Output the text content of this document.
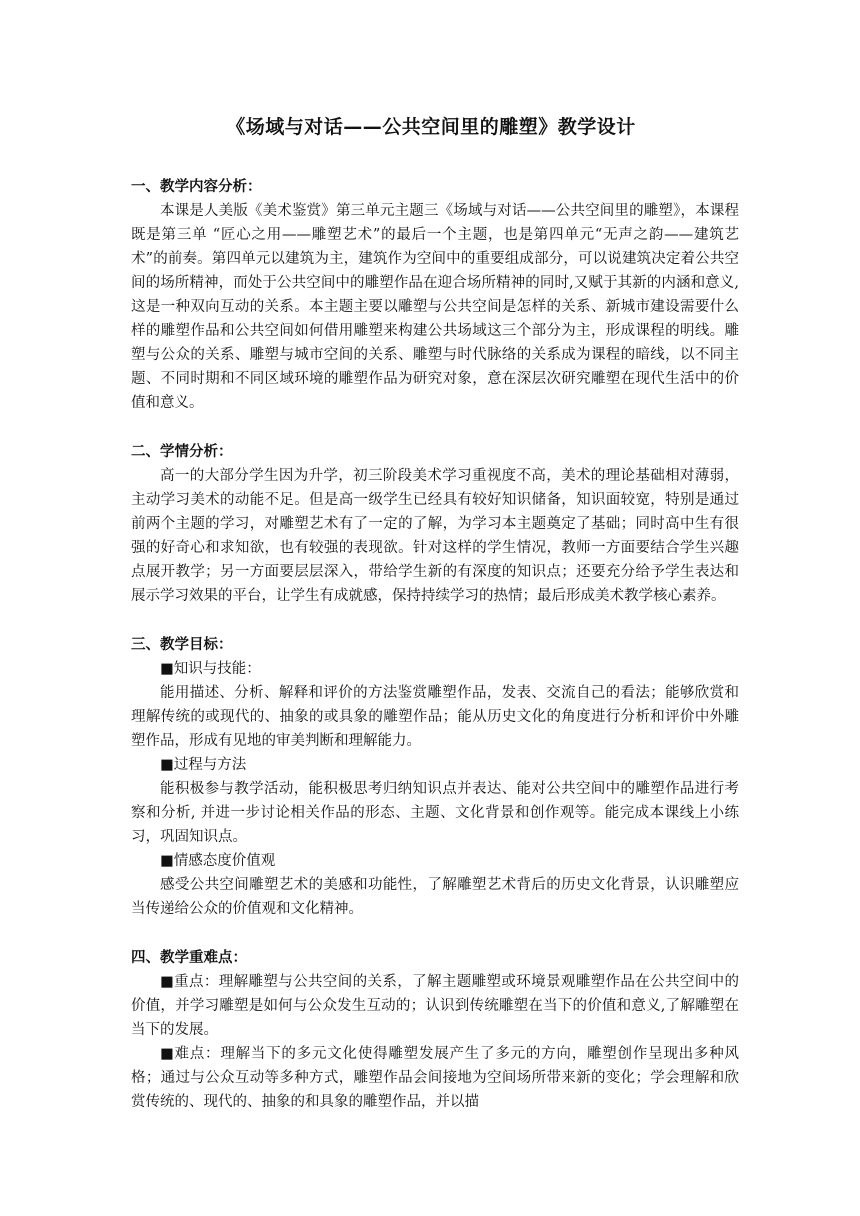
《场域与对话——公共空间里的雕塑》教学设计

一、教学内容分析：

本课是人美版《美术鉴赏》第三单元主题三《场域与对话——公共空间里的雕塑》，本课程既是第三单 “匠心之用——雕塑艺术”的最后一个主题，也是第四单元“无声之韵——建筑艺术”的前奏。第四单元以建筑为主，建筑作为空间中的重要组成部分，可以说建筑决定着公共空间的场所精神，而处于公共空间中的雕塑作品在迎合场所精神的同时,又赋于其新的内涵和意义,这是一种双向互动的关系。本主题主要以雕塑与公共空间是怎样的关系、新城市建设需要什么样的雕塑作品和公共空间如何借用雕塑来构建公共场域这三个部分为主，形成课程的明线。雕塑与公众的关系、雕塑与城市空间的关系、雕塑与时代脉络的关系成为课程的暗线，以不同主题、不同时期和不同区域环境的雕塑作品为研究对象，意在深层次研究雕塑在现代生活中的价值和意义。

二、学情分析：

高一的大部分学生因为升学，初三阶段美术学习重视度不高，美术的理论基础相对薄弱，主动学习美术的动能不足。但是高一级学生已经具有较好知识储备，知识面较宽，特别是通过前两个主题的学习，对雕塑艺术有了一定的了解，为学习本主题奠定了基础；同时高中生有很强的好奇心和求知欲，也有较强的表现欲。针对这样的学生情况，教师一方面要结合学生兴趣点展开教学；另一方面要层层深入，带给学生新的有深度的知识点；还要充分给予学生表达和展示学习效果的平台，让学生有成就感，保持持续学习的热情；最后形成美术教学核心素养。

三、教学目标：

■知识与技能：

能用描述、分析、解释和评价的方法鉴赏雕塑作品，发表、交流自己的看法；能够欣赏和理解传统的或现代的、抽象的或具象的雕塑作品；能从历史文化的角度进行分析和评价中外雕塑作品，形成有见地的审美判断和理解能力。

■过程与方法

能积极参与教学活动，能积极思考归纳知识点并表达、能对公共空间中的雕塑作品进行考察和分析, 并进一步讨论相关作品的形态、主题、文化背景和创作观等。能完成本课线上小练习，巩固知识点。

■情感态度价值观

感受公共空间雕塑艺术的美感和功能性，了解雕塑艺术背后的历史文化背景，认识雕塑应当传递给公众的价值观和文化精神。

四、教学重难点：

■重点：理解雕塑与公共空间的关系，了解主题雕塑或环境景观雕塑作品在公共空间中的价值，并学习雕塑是如何与公众发生互动的；认识到传统雕塑在当下的价值和意义,了解雕塑在当下的发展。

■难点：理解当下的多元文化使得雕塑发展产生了多元的方向，雕塑创作呈现出多种风格；通过与公众互动等多种方式，雕塑作品会间接地为空间场所带来新的变化；学会理解和欣赏传统的、现代的、抽象的和具象的雕塑作品，并以描
